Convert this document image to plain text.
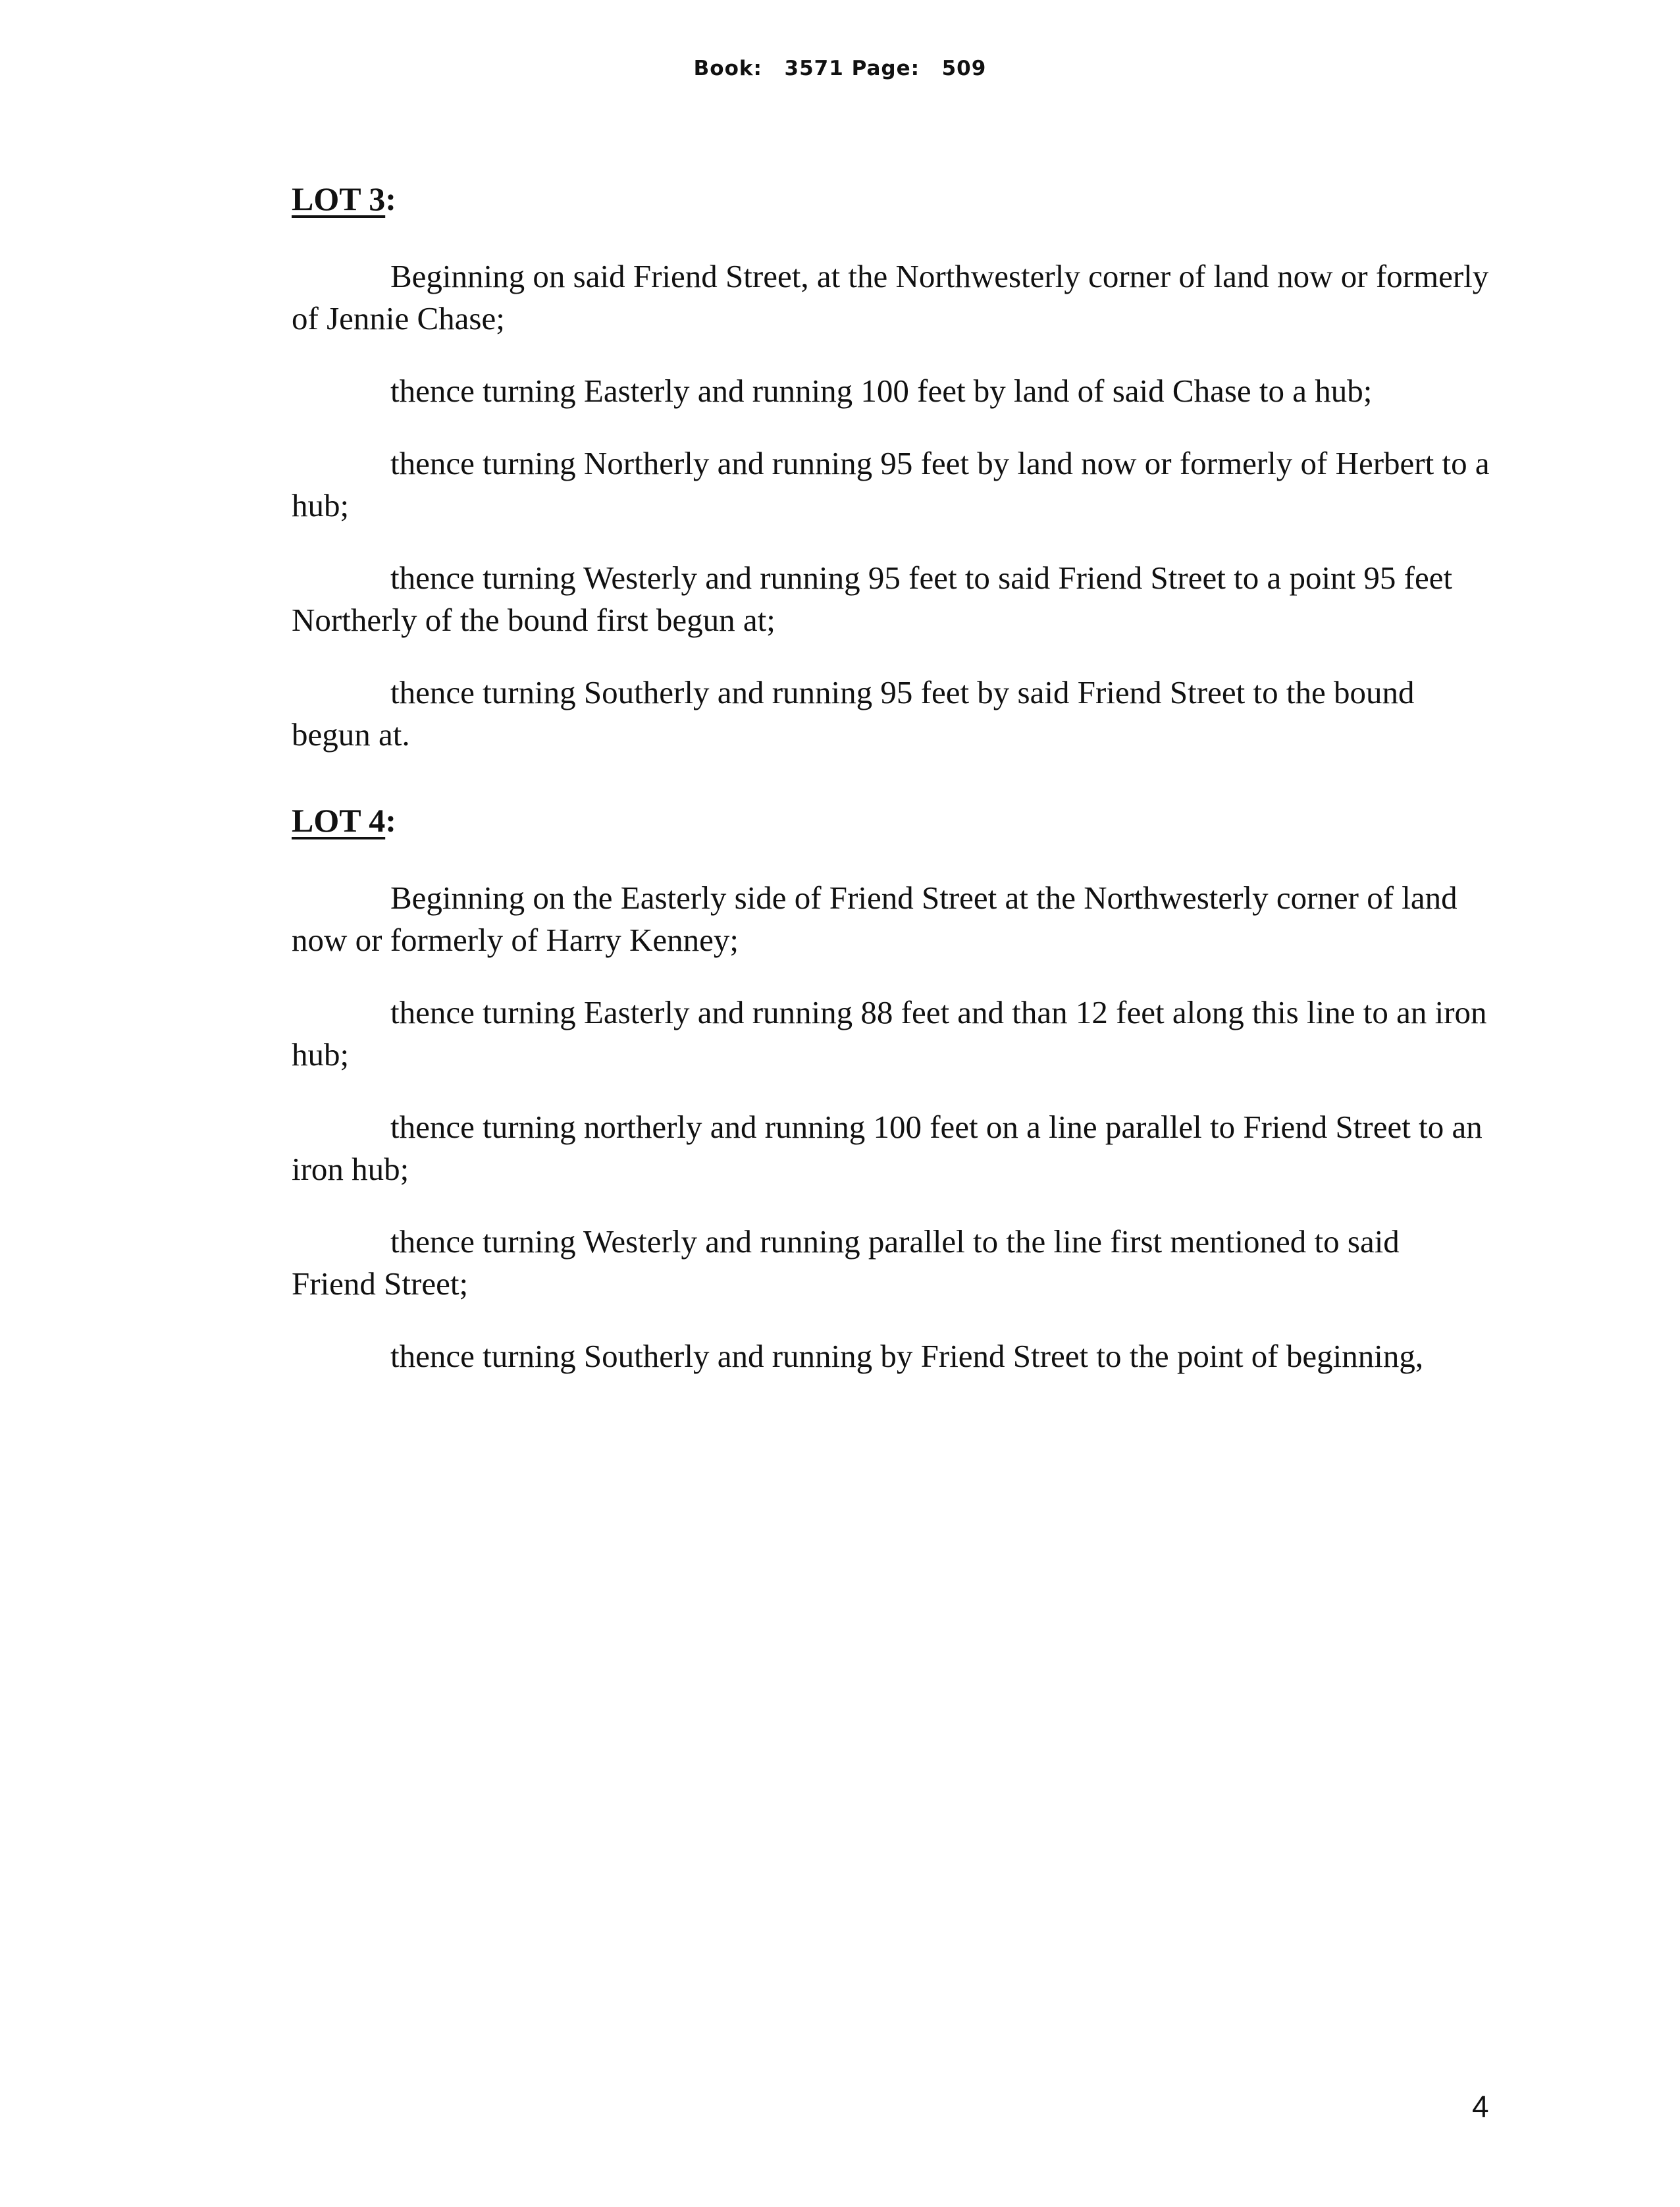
Book: 3571 Page: 509
LOT 3:

Beginning on said Friend Street, at the Northwesterly corner of land now or formerly of Jennie Chase;

thence turning Easterly and running 100 feet by land of said Chase to a hub;

thence turning Northerly and running 95 feet by land now or formerly of Herbert to a hub;

thence turning Westerly and running 95 feet to said Friend Street to a point 95 feet Northerly of the bound first begun at;

thence turning Southerly and running 95 feet by said Friend Street to the bound begun at.

LOT 4:

Beginning on the Easterly side of Friend Street at the Northwesterly corner of land now or formerly of Harry Kenney;

thence turning Easterly and running 88 feet and than 12 feet along this line to an iron hub;

thence turning northerly and running 100 feet on a line parallel to Friend Street to an iron hub;

thence turning Westerly and running parallel to the line first mentioned to said Friend Street;

thence turning Southerly and running by Friend Street to the point of beginning,

4
